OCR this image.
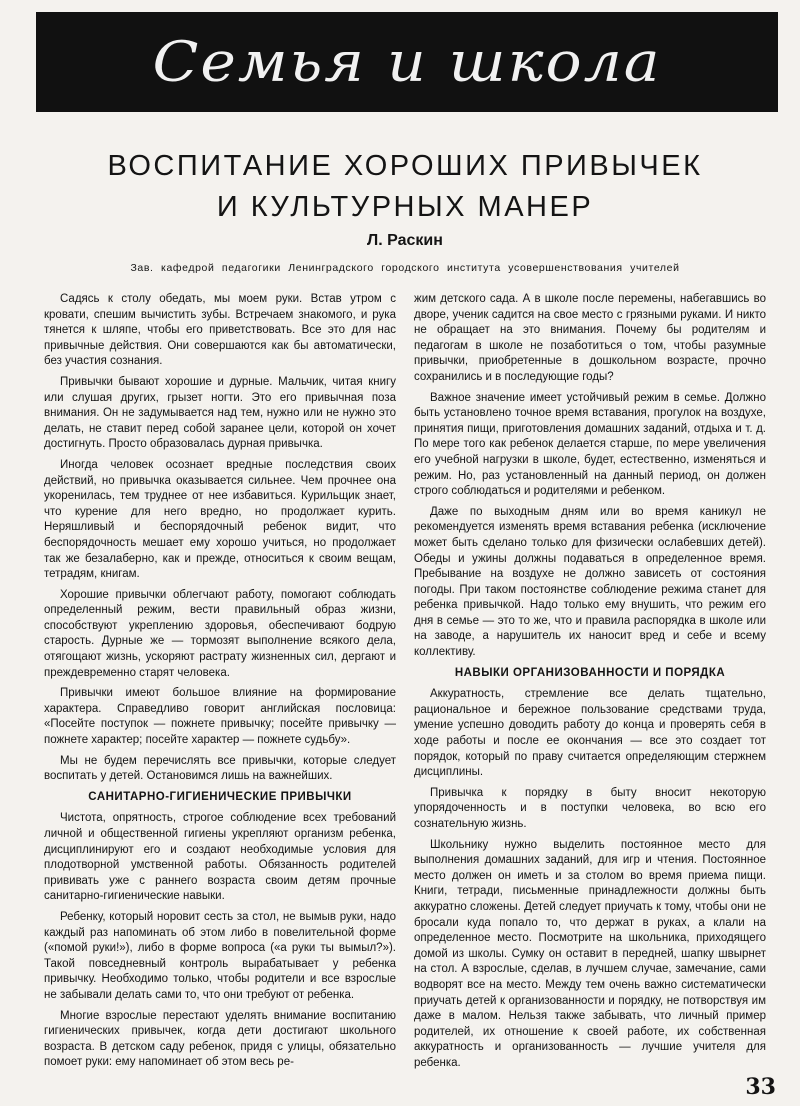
Семья и школа
ВОСПИТАНИЕ ХОРОШИХ ПРИВЫЧЕК
И КУЛЬТУРНЫХ МАНЕР
Л. Раскин
Зав. кафедрой педагогики Ленинградского городского института усовершенствования учителей

Садясь к столу обедать, мы моем руки. Встав утром с кровати, спешим вычистить зубы. Встречаем знакомого, и рука тянется к шляпе, чтобы его приветствовать. Все это для нас привычные действия. Они совершаются как бы автоматически, без участия сознания.

Привычки бывают хорошие и дурные. Мальчик, читая книгу или слушая других, грызет ногти. Это его привычная поза внимания. Он не задумывается над тем, нужно или не нужно это делать, не ставит перед собой заранее цели, которой он хочет достигнуть. Просто образовалась дурная привычка.

Иногда человек осознает вредные последствия своих действий, но привычка оказывается сильнее. Чем прочнее она укоренилась, тем труднее от нее избавиться. Курильщик знает, что курение для него вредно, но продолжает курить. Неряшливый и беспорядочный ребенок видит, что беспорядочность мешает ему хорошо учиться, но продолжает так же безалаберно, как и прежде, относиться к своим вещам, тетрадям, книгам.

Хорошие привычки облегчают работу, помогают соблюдать определенный режим, вести правильный образ жизни, способствуют укреплению здоровья, обеспечивают бодрую старость. Дурные же — тормозят выполнение всякого дела, отягощают жизнь, ускоряют растрату жизненных сил, дергают и преждевременно старят человека.

Привычки имеют большое влияние на формирование характера. Справедливо говорит английская пословица: «Посейте поступок — пожнете привычку; посейте привычку — пожнете характер; посейте характер — пожнете судьбу».

Мы не будем перечислять все привычки, которые следует воспитать у детей. Остановимся лишь на важнейших.

САНИТАРНО-ГИГИЕНИЧЕСКИЕ ПРИВЫЧКИ

Чистота, опрятность, строгое соблюдение всех требований личной и общественной гигиены укрепляют организм ребенка, дисциплинируют его и создают необходимые условия для плодотворной умственной работы. Обязанность родителей прививать уже с раннего возраста своим детям прочные санитарно-гигиенические навыки.

Ребенку, который норовит сесть за стол, не вымыв руки, надо каждый раз напоминать об этом либо в повелительной форме («помой руки!»), либо в форме вопроса («а руки ты вымыл?»). Такой повседневный контроль вырабатывает у ребенка привычку. Необходимо только, чтобы родители и все взрослые не забывали делать сами то, что они требуют от ребенка.

Многие взрослые перестают уделять внимание воспитанию гигиенических привычек, когда дети достигают школьного возраста. В детском саду ребенок, придя с улицы, обязательно помоет руки: ему напоминает об этом весь ре-

жим детского сада. А в школе после перемены, набегавшись во дворе, ученик садится на свое место с грязными руками. И никто не обращает на это внимания. Почему бы родителям и педагогам в школе не позаботиться о том, чтобы разумные привычки, приобретенные в дошкольном возрасте, прочно сохранились и в последующие годы?

Важное значение имеет устойчивый режим в семье. Должно быть установлено точное время вставания, прогулок на воздухе, принятия пищи, приготовления домашних заданий, отдыха и т. д. По мере того как ребенок делается старше, по мере увеличения его учебной нагрузки в школе, будет, естественно, изменяться и режим. Но, раз установленный на данный период, он должен строго соблюдаться и родителями и ребенком.

Даже по выходным дням или во время каникул не рекомендуется изменять время вставания ребенка (исключение может быть сделано только для физически ослабевших детей). Обеды и ужины должны подаваться в определенное время. Пребывание на воздухе не должно зависеть от состояния погоды. При таком постоянстве соблюдение режима станет для ребенка привычкой. Надо только ему внушить, что режим его дня в семье — это то же, что и правила распорядка в школе или на заводе, а нарушитель их наносит вред и себе и всему коллективу.

НАВЫКИ ОРГАНИЗОВАННОСТИ И ПОРЯДКА

Аккуратность, стремление все делать тщательно, рациональное и бережное пользование средствами труда, умение успешно доводить работу до конца и проверять себя в ходе работы и после ее окончания — все это создает тот порядок, который по праву считается определяющим стержнем дисциплины.

Привычка к порядку в быту вносит некоторую упорядоченность и в поступки человека, во всю его сознательную жизнь.

Школьнику нужно выделить постоянное место для выполнения домашних заданий, для игр и чтения. Постоянное место должен он иметь и за столом во время приема пищи. Книги, тетради, письменные принадлежности должны быть аккуратно сложены. Детей следует приучать к тому, чтобы они не бросали куда попало то, что держат в руках, а клали на определенное место. Посмотрите на школьника, приходящего домой из школы. Сумку он оставит в передней, шапку швырнет на стол. А взрослые, сделав, в лучшем случае, замечание, сами водворят все на место. Между тем очень важно систематически приучать детей к организованности и порядку, не потворствуя им даже в малом. Нельзя также забывать, что личный пример родителей, их отношение к своей работе, их собственная аккуратность и организованность — лучшие учителя для ребенка.

33
